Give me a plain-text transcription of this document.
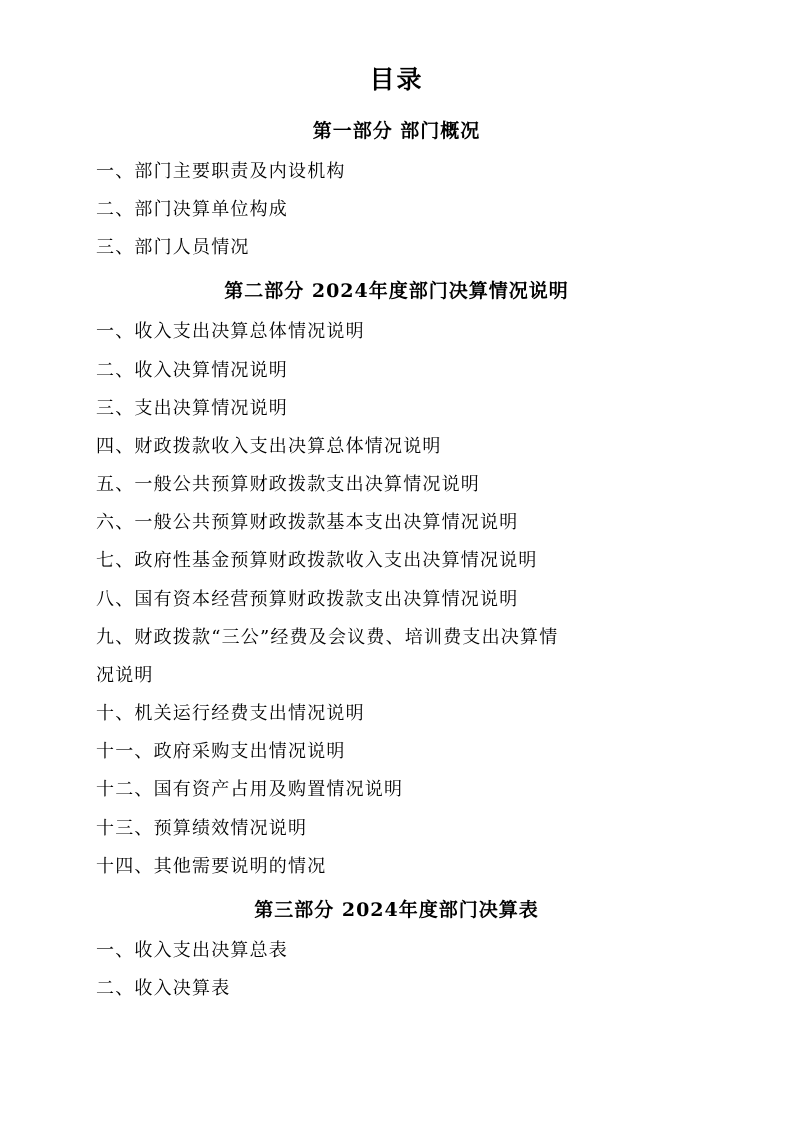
目录
第一部分 部门概况
一、部门主要职责及内设机构
二、部门决算单位构成
三、部门人员情况
第二部分 2024年度部门决算情况说明
一、收入支出决算总体情况说明
二、收入决算情况说明
三、支出决算情况说明
四、财政拨款收入支出决算总体情况说明
五、一般公共预算财政拨款支出决算情况说明
六、一般公共预算财政拨款基本支出决算情况说明
七、政府性基金预算财政拨款收入支出决算情况说明
八、国有资本经营预算财政拨款支出决算情况说明
九、财政拨款“三公”经费及会议费、培训费支出决算情
况说明
十、机关运行经费支出情况说明
十一、政府采购支出情况说明
十二、国有资产占用及购置情况说明
十三、预算绩效情况说明
十四、其他需要说明的情况
第三部分 2024年度部门决算表
一、收入支出决算总表
二、收入决算表
